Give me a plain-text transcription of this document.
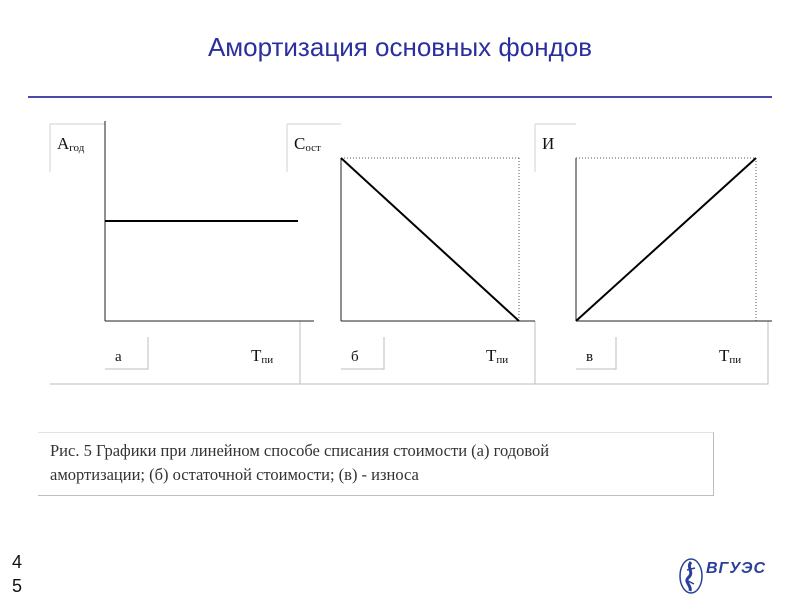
Амортизация основных фондов
Агод
а	Тпи
Сост
б	Тпи
И
в	Тпи
Рис. 5 Графики при линейном способе списания стоимости (а) годовой
амортизации; (б) остаточной стоимости; (в) - износа
4
5
ВГУЭС
